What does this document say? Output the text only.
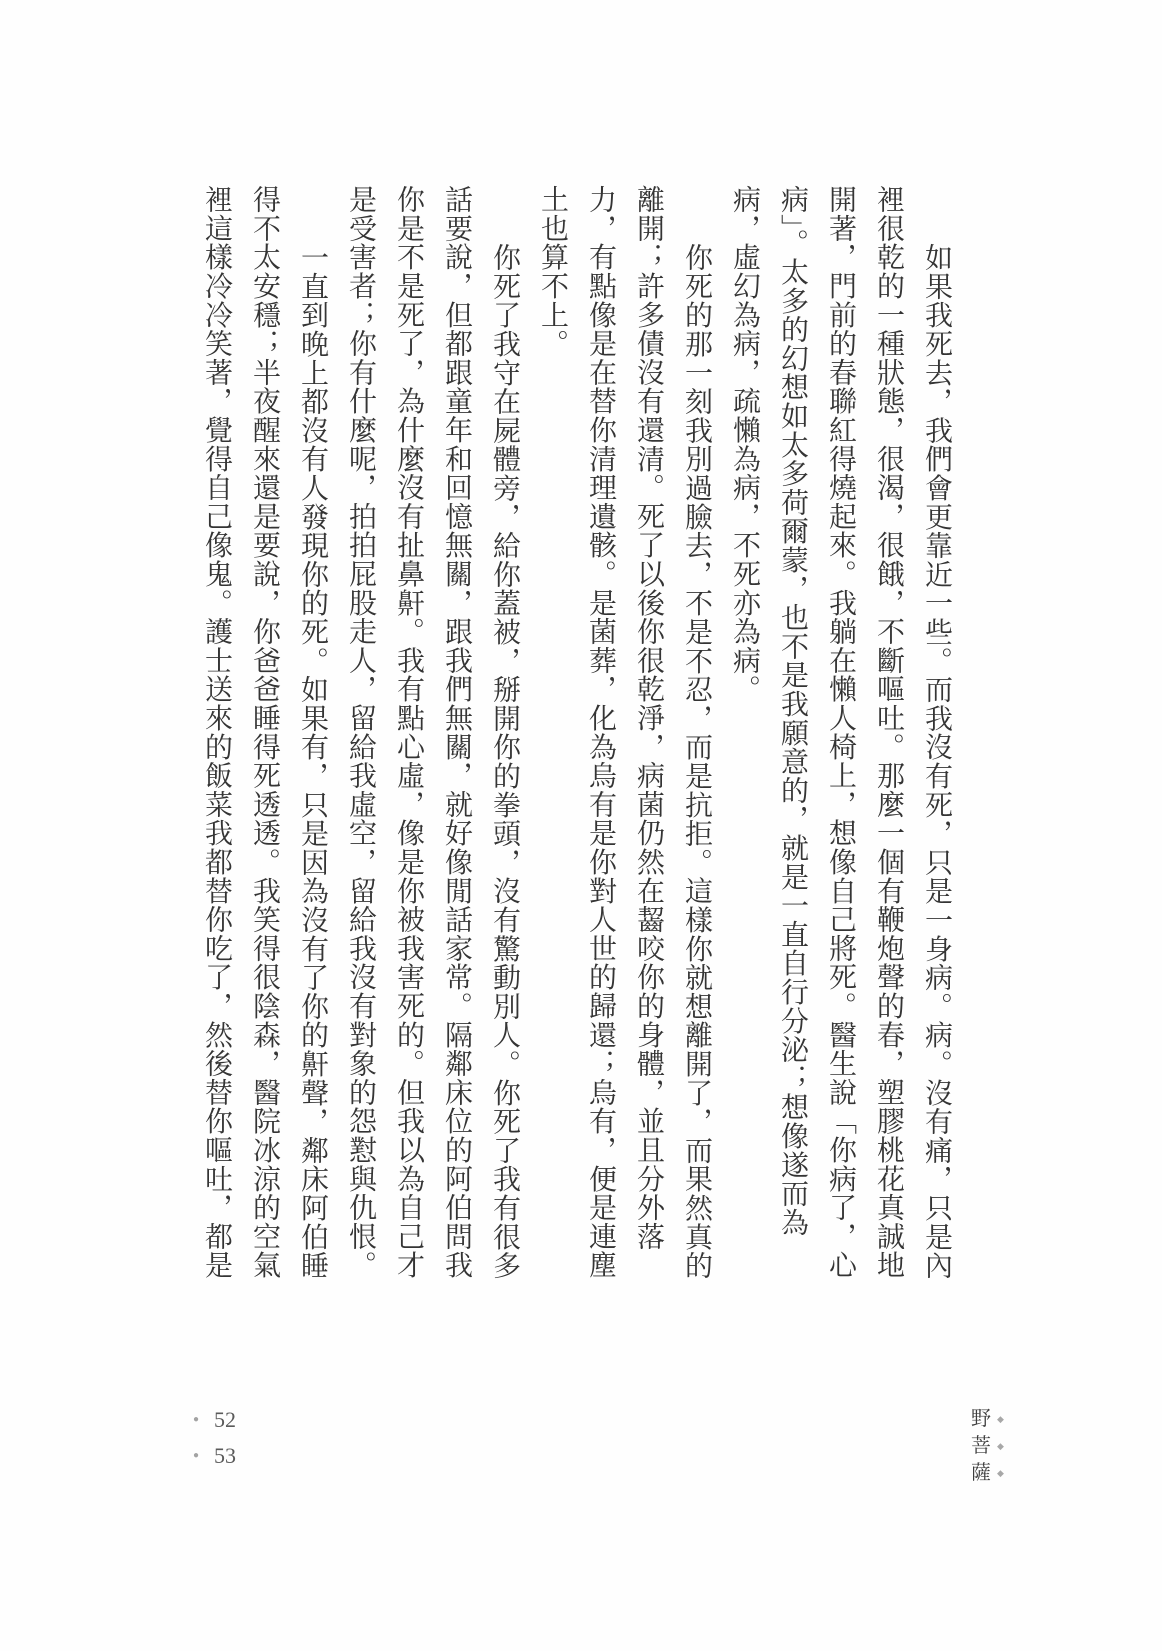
如果我死去，我們會更靠近一些。而我沒有死，只是一身病。病。沒有痛，只是內裡很乾的一種狀態，很渴，很餓，不斷嘔吐。那麼一個有鞭炮聲的春，塑膠桃花真誠地開著，門前的春聯紅得燒起來。我躺在懶人椅上，想像自己將死。醫生說「你病了，心病」。太多的幻想如太多荷爾蒙，也不是我願意的，就是一直自行分泌；想像遂而為病，虛幻為病，疏懶為病，不死亦為病。

你死的那一刻我別過臉去，不是不忍，而是抗拒。這樣你就想離開了，而果然真的離開；許多債沒有還清。死了以後你很乾淨，病菌仍然在齧咬你的身體，並且分外落力，有點像是在替你清理遺骸。是菌葬，化為烏有是你對人世的歸還；烏有，便是連塵土也算不上。

你死了我守在屍體旁，給你蓋被，掰開你的拳頭，沒有驚動別人。你死了我有很多話要說，但都跟童年和回憶無關，跟我們無關，就好像閒話家常。隔鄰床位的阿伯問我你是不是死了，為什麼沒有扯鼻鼾。我有點心虛，像是你被我害死的。但我以為自己才是受害者；你有什麼呢，拍拍屁股走人，留給我虛空，留給我沒有對象的怨懟與仇恨。

一直到晚上都沒有人發現你的死。如果有，只是因為沒有了你的鼾聲，鄰床阿伯睡得不太安穩；半夜醒來還是要說，你爸爸睡得死透透。我笑得很陰森，醫院冰涼的空氣裡這樣冷冷笑著，覺得自己像鬼。護士送來的飯菜我都替你吃了，然後替你嘔吐，都是

野 ◆
菩 ◆
薩 ◆
● 52
● 53
